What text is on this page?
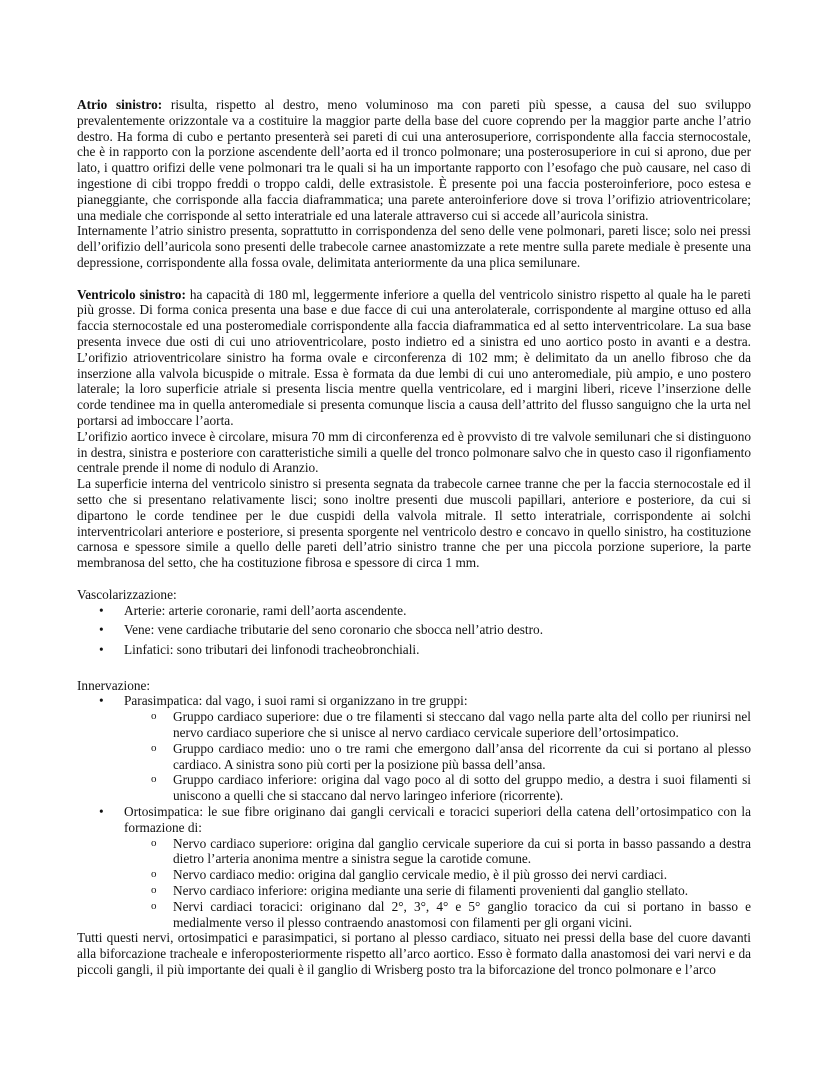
Atrio sinistro: risulta, rispetto al destro, meno voluminoso ma con pareti più spesse, a causa del suo sviluppo prevalentemente orizzontale va a costituire la maggior parte della base del cuore coprendo per la maggior parte anche l’atrio destro. Ha forma di cubo e pertanto presenterà sei pareti di cui una anterosuperiore, corrispondente alla faccia sternocostale, che è in rapporto con la porzione ascendente dell’aorta ed il tronco polmonare; una posterosuperiore in cui si aprono, due per lato, i quattro orifizi delle vene polmonari tra le quali si ha un importante rapporto con l’esofago che può causare, nel caso di ingestione di cibi troppo freddi o troppo caldi, delle extrasistole. È presente poi una faccia posteroinferiore, poco estesa e pianeggiante, che corrisponde alla faccia diaframmatica; una parete anteroinferiore dove si trova l’orifizio atrioventricolare; una mediale che corrisponde al setto interatriale ed una laterale attraverso cui si accede all’auricola sinistra.

Internamente l’atrio sinistro presenta, soprattutto in corrispondenza del seno delle vene polmonari, pareti lisce; solo nei pressi dell’orifizio dell’auricola sono presenti delle trabecole carnee anastomizzate a rete mentre sulla parete mediale è presente una depressione, corrispondente alla fossa ovale, delimitata anteriormente da una plica semilunare.

Ventricolo sinistro: ha capacità di 180 ml, leggermente inferiore a quella del ventricolo sinistro rispetto al quale ha le pareti più grosse. Di forma conica presenta una base e due facce di cui una anterolaterale, corrispondente al margine ottuso ed alla faccia sternocostale ed una posteromediale corrispondente alla faccia diaframmatica ed al setto interventricolare. La sua base presenta invece due osti di cui uno atrioventricolare, posto indietro ed a sinistra ed uno aortico posto in avanti e a destra. L’orifizio atrioventricolare sinistro ha forma ovale e circonferenza di 102 mm; è delimitato da un anello fibroso che da inserzione alla valvola bicuspide o mitrale. Essa è formata da due lembi di cui uno anteromediale, più ampio, e uno postero laterale; la loro superficie atriale si presenta liscia mentre quella ventricolare, ed i margini liberi, riceve l’inserzione delle corde tendinee ma in quella anteromediale si presenta comunque liscia a causa dell’attrito del flusso sanguigno che la urta nel portarsi ad imboccare l’aorta.

L’orifizio aortico invece è circolare, misura 70 mm di circonferenza ed è provvisto di tre valvole semilunari che si distinguono in destra, sinistra e posteriore con caratteristiche simili a quelle del tronco polmonare salvo che in questo caso il rigonfiamento centrale prende il nome di nodulo di Aranzio.

La superficie interna del ventricolo sinistro si presenta segnata da trabecole carnee tranne che per la faccia sternocostale ed il setto che si presentano relativamente lisci; sono inoltre presenti due muscoli papillari, anteriore e posteriore, da cui si dipartono le corde tendinee per le due cuspidi della valvola mitrale. Il setto interatriale, corrispondente ai solchi interventricolari anteriore e posteriore, si presenta sporgente nel ventricolo destro e concavo in quello sinistro, ha costituzione carnosa e spessore simile a quello delle pareti dell’atrio sinistro tranne che per una piccola porzione superiore, la parte membranosa del setto, che ha costituzione fibrosa e spessore di circa 1 mm.

Vascolarizzazione:

• Arterie: arterie coronarie, rami dell’aorta ascendente.
• Vene: vene cardiache tributarie del seno coronario che sbocca nell’atrio destro.
• Linfatici: sono tributari dei linfonodi tracheobronchiali.

Innervazione:

• Parasimpatica: dal vago, i suoi rami si organizzano in tre gruppi:
o Gruppo cardiaco superiore: due o tre filamenti si steccano dal vago nella parte alta del collo per riunirsi nel nervo cardiaco superiore che si unisce al nervo cardiaco cervicale superiore dell’ortosimpatico.
o Gruppo cardiaco medio: uno o tre rami che emergono dall’ansa del ricorrente da cui si portano al plesso cardiaco. A sinistra sono più corti per la posizione più bassa dell’ansa.
o Gruppo cardiaco inferiore: origina dal vago poco al di sotto del gruppo medio, a destra i suoi filamenti si uniscono a quelli che si staccano dal nervo laringeo inferiore (ricorrente).
• Ortosimpatica: le sue fibre originano dai gangli cervicali e toracici superiori della catena dell’ortosimpatico con la formazione di:
o Nervo cardiaco superiore: origina dal ganglio cervicale superiore da cui si porta in basso passando a destra dietro l’arteria anonima mentre a sinistra segue la carotide comune.
o Nervo cardiaco medio: origina dal ganglio cervicale medio, è il più grosso dei nervi cardiaci.
o Nervo cardiaco inferiore: origina mediante una serie di filamenti provenienti dal ganglio stellato.
o Nervi cardiaci toracici: originano dal 2°, 3°, 4° e 5° ganglio toracico da cui si portano in basso e medialmente verso il plesso contraendo anastomosi con filamenti per gli organi vicini.

Tutti questi nervi, ortosimpatici e parasimpatici, si portano al plesso cardiaco, situato nei pressi della base del cuore davanti alla biforcazione tracheale e inferoposteriormente rispetto all’arco aortico. Esso è formato dalla anastomosi dei vari nervi e da piccoli gangli, il più importante dei quali è il ganglio di Wrisberg posto tra la biforcazione del tronco polmonare e l’arco
